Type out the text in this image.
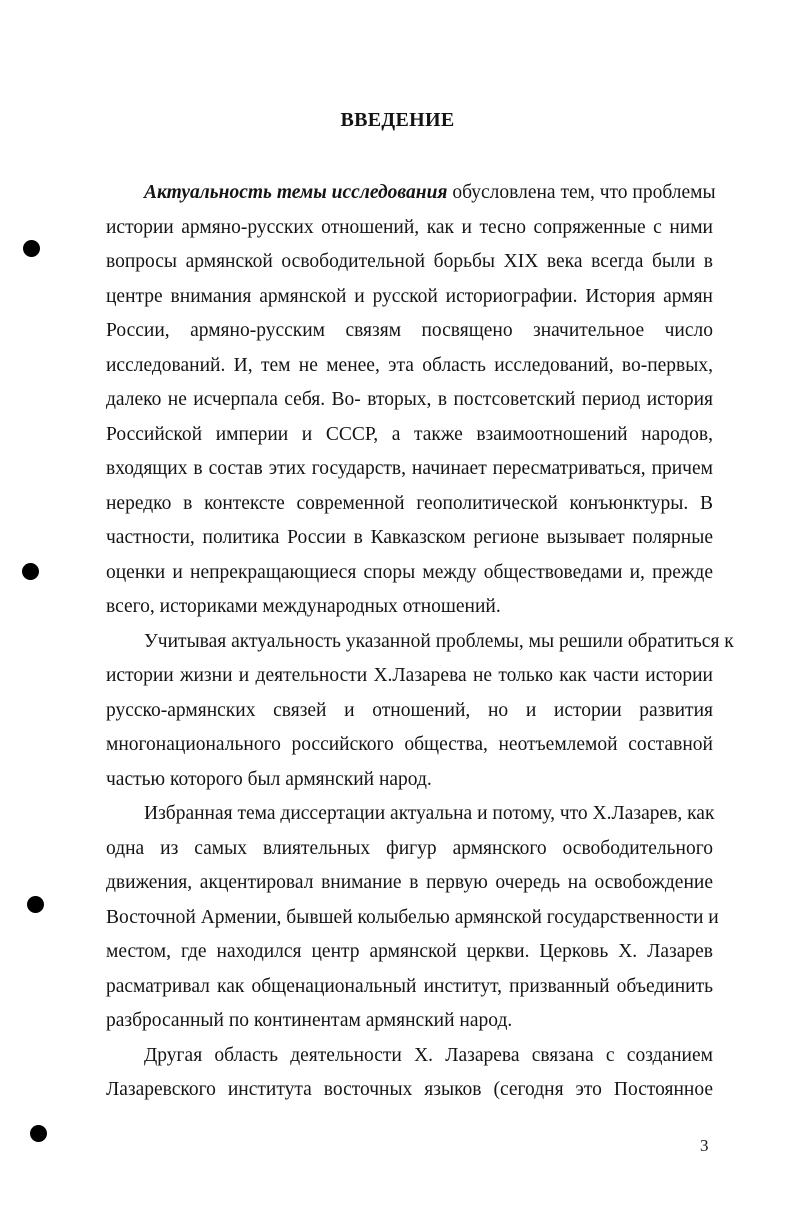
ВВЕДЕНИЕ
Актуальность темы исследования обусловлена тем, что проблемы
истории армяно-русских отношений, как и тесно сопряженные с ними
вопросы армянской освободительной борьбы XIX века всегда были в
центре внимания армянской и русской историографии. История армян
России, армяно-русским связям посвящено значительное число
исследований. И, тем не менее, эта область исследований, во-первых,
далеко не исчерпала себя. Во- вторых, в постсоветский период история
Российской империи и СССР, а также взаимоотношений народов,
входящих в состав этих государств, начинает пересматриваться, причем
нередко в контексте современной геополитической конъюнктуры. В
частности, политика России в Кавказском регионе вызывает полярные
оценки и непрекращающиеся споры между обществоведами и, прежде
всего, историками международных отношений.
Учитывая актуальность указанной проблемы, мы решили обратиться к
истории жизни и деятельности Х.Лазарева не только как части истории
русско-армянских связей и отношений, но и истории развития
многонационального российского общества, неотъемлемой составной
частью которого был армянский народ.
Избранная тема диссертации актуальна и потому, что Х.Лазарев, как
одна из самых влиятельных фигур армянского освободительного
движения, акцентировал внимание в первую очередь на освобождение
Восточной Армении, бывшей колыбелью армянской государственности и
местом, где находился центр армянской церкви. Церковь Х. Лазарев
расматривал как общенациональный институт, призванный объединить
разбросанный по континентам армянский народ.
Другая область деятельности Х. Лазарева связана с созданием
Лазаревского института восточных языков (сегодня это Постоянное
3
